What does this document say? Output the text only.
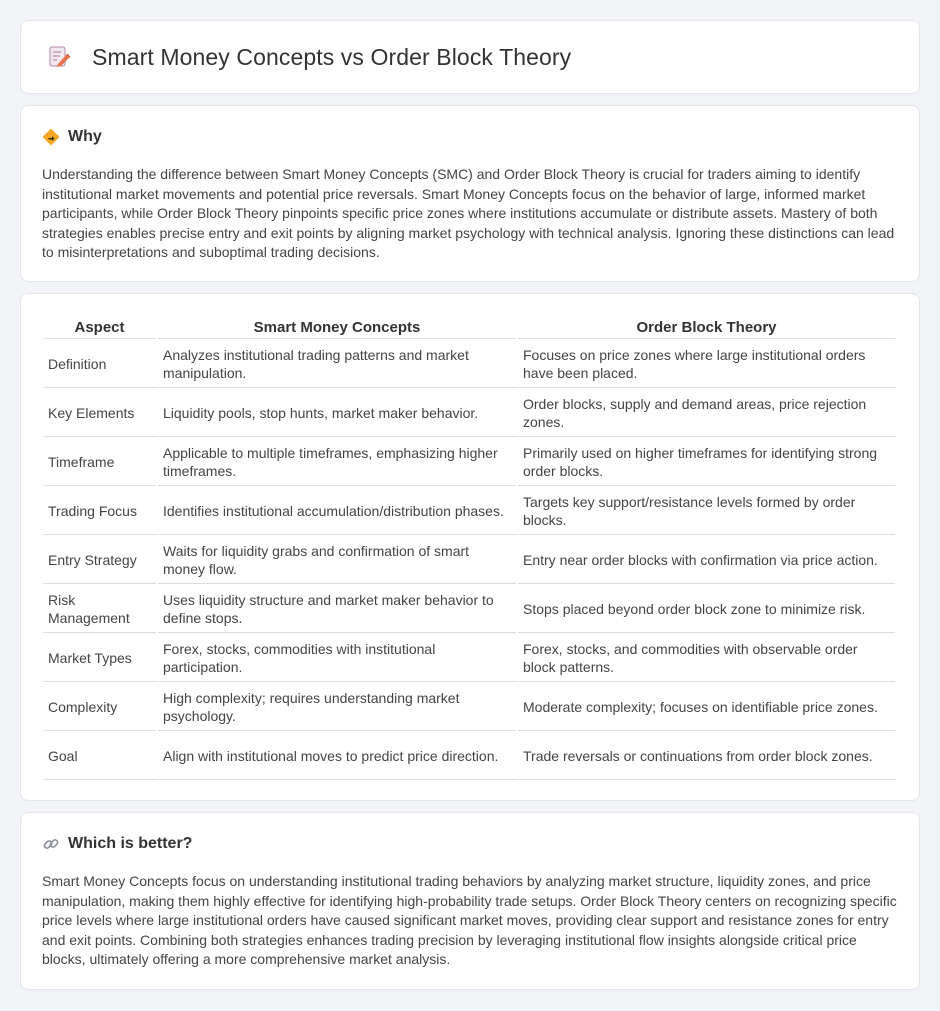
Smart Money Concepts vs Order Block Theory
Why

Understanding the difference between Smart Money Concepts (SMC) and Order Block Theory is crucial for traders aiming to identify institutional market movements and potential price reversals. Smart Money Concepts focus on the behavior of large, informed market participants, while Order Block Theory pinpoints specific price zones where institutions accumulate or distribute assets. Mastery of both strategies enables precise entry and exit points by aligning market psychology with technical analysis. Ignoring these distinctions can lead to misinterpretations and suboptimal trading decisions.

Aspect	Smart Money Concepts	Order Block Theory
Definition	Analyzes institutional trading patterns and market manipulation.	Focuses on price zones where large institutional orders have been placed.
Key Elements	Liquidity pools, stop hunts, market maker behavior.	Order blocks, supply and demand areas, price rejection zones.
Timeframe	Applicable to multiple timeframes, emphasizing higher timeframes.	Primarily used on higher timeframes for identifying strong order blocks.
Trading Focus	Identifies institutional accumulation/distribution phases.	Targets key support/resistance levels formed by order blocks.
Entry Strategy	Waits for liquidity grabs and confirmation of smart money flow.	Entry near order blocks with confirmation via price action.
Risk Management	Uses liquidity structure and market maker behavior to define stops.	Stops placed beyond order block zone to minimize risk.
Market Types	Forex, stocks, commodities with institutional participation.	Forex, stocks, and commodities with observable order block patterns.
Complexity	High complexity; requires understanding market psychology.	Moderate complexity; focuses on identifiable price zones.
Goal	Align with institutional moves to predict price direction.	Trade reversals or continuations from order block zones.
Which is better?

Smart Money Concepts focus on understanding institutional trading behaviors by analyzing market structure, liquidity zones, and price manipulation, making them highly effective for identifying high-probability trade setups. Order Block Theory centers on recognizing specific price levels where large institutional orders have caused significant market moves, providing clear support and resistance zones for entry and exit points. Combining both strategies enhances trading precision by leveraging institutional flow insights alongside critical price blocks, ultimately offering a more comprehensive market analysis.
